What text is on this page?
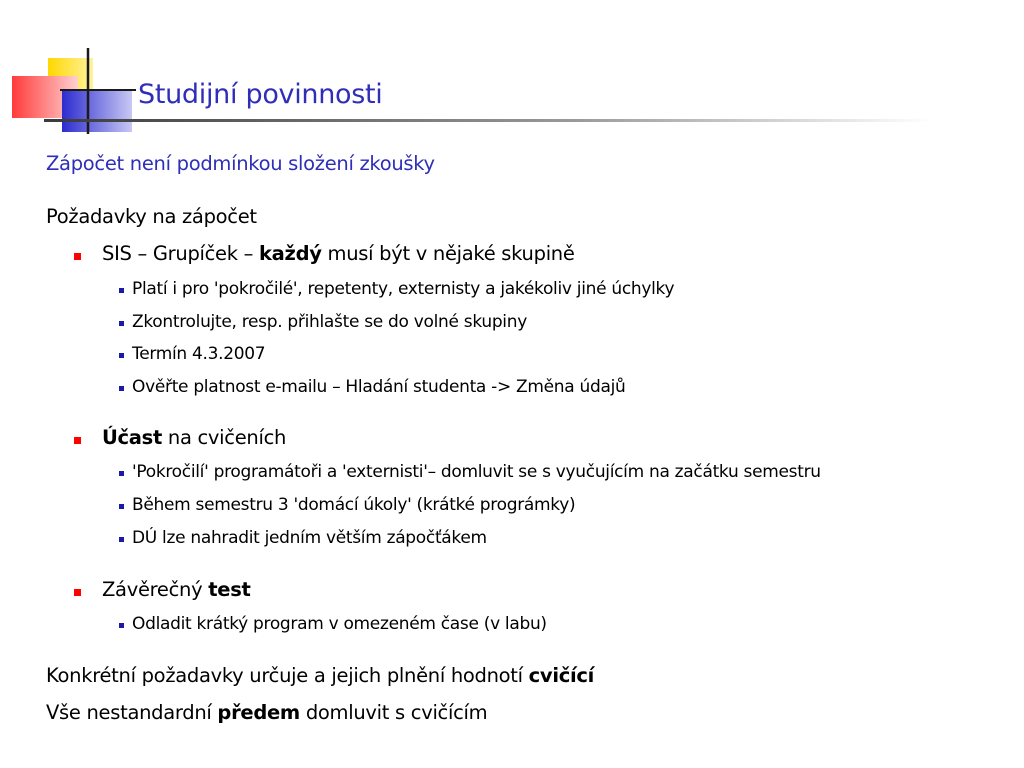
Studijní povinnosti
Zápočet není podmínkou složení zkoušky
Požadavky na zápočet
SIS – Grupíček – každý musí být v nějaké skupině
Platí i pro 'pokročilé', repetenty, externisty a jakékoliv jiné úchylky
Zkontrolujte, resp. přihlašte se do volné skupiny
Termín 4.3.2007
Ověřte platnost e-mailu – Hladání studenta -> Změna údajů
Účast na cvičeních
'Pokročilí' programátoři a 'externisti'– domluvit se s vyučujícím na začátku semestru
Během semestru 3 'domácí úkoly' (krátké prográmky)
DÚ lze nahradit jedním větším zápočťákem
Závěrečný test
Odladit krátký program v omezeném čase (v labu)
Konkrétní požadavky určuje a jejich plnění hodnotí cvičící
Vše nestandardní předem domluvit s cvičícím
